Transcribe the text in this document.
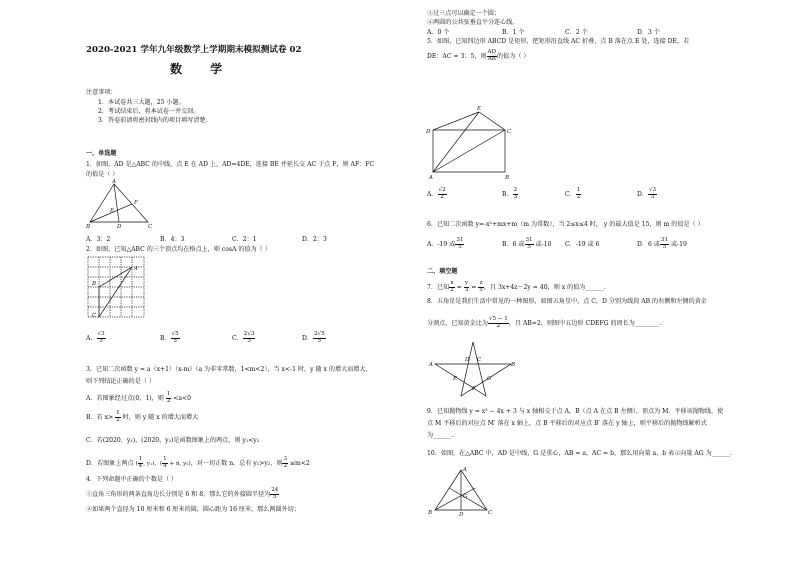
2020-2021 学年九年级数学上学期期末模拟测试卷 02
数 学
注意事项：
1．本试卷共三大题，25 小题。
2．考试结束后，将本试卷一并交回。
3．答卷前请将密封线内的项目填写清楚。
一、单选题
1．如图，AD 是△ABC 的中线，点 E 在 AD 上，AD=4DE，连接 BE 并延长交 AC 于点 F，则 AF：FC
的值是（ ）
A
B	C
D
E
F
A．3：2	B．4：3	C．2：1	D．2：3
2．如图，已知△ABC 的三个顶点均在格点上，则 cosA 的值为（ ）
A
B
C
A． $\frac{√3}{3}$	B． $\frac{√5}{5}$	C． $\frac{2√3}{3}$	D． $\frac{2√5}{5}$
3．已知二次函数 y = a（x+1）（x-m）（a 为非零常数，1<m<2），当 x<-1 时，y 随 x 的增大而增大，
则下列结论正确的是（ ）
A．若图象经过点(0，1)，则 $\frac{1}{2} <a<0$
B．若 $x> \frac{1}{2}$ 时，则 y 随 x 的增大而增大
C．若(2020，y₁)，(2020，y₂)是函数图象上的两点，则 y₁<y₂
D．若图象上两点 ( $\frac{1}{4}$ , y₁)，( $\frac{1}{4} + n$, y₂)，对一切正数 n，总有 y₁>y₂，则 $\frac{3}{2} \le m<2$
4．下列命题中正确的个数是（ ）
①直角三角形的两条直角边长分别是 6 和 8，那么它的外接圆半径为 $\frac{24}{5}$
②如果两个直径为 10 厘米和 6 厘米的圆，圆心距为 16 厘米，那么两圆外切；
③过三点可以确定一个圆；
④两圆的公共弦垂直平分连心线。
A．0 个	B．1 个	C．2 个	D．3 个
5．如图，已知四边形 ABCD 是矩形，把矩形沿直线 AC 折叠，点 B 落在点 E 处，连接 DE，若
DE：AC = 3：5，则 $\frac{AD}{AB}$ 的值为（ ）
E
D	C
A	B
A． $\frac{√2}{2}$	B． $\frac{2}{3}$	C． $\frac{1}{2}$	D． $\frac{√3}{3}$
6．已知二次函数 y=-x²+mx+m（m 为常数），当 2≤x≤4 时， y 的最大值是 15，则 m 的值是（ ）
A．-19 或 $\frac{31}{5}$	B．6 或 $\frac{31}{5}$ 或-10 C．-19 或 6	D．6 或 $\frac{31}{5}$ 或-19
二、填空题
7．已知 $\frac{x}{2} = \frac{y}{3} = \frac{z}{5}$ ，且 3x+4z－2y = 40，则 x 的值为______.
8．五角星是我们生活中常见的一种图形，如图五角星中，点 C，D 分别为线段 AB 的右侧和左侧的黄金
分割点，已知黄金比为 $\frac{√5 - 1}{2}$ ，且 AB=2，则图中五边形 CDEFG 的周长为________.
A	B
C
D
E
F
G
9．已知抛物线 y = x² − 4x + 3 与 x 轴相交于点 A，B（点 A 在点 B 左侧），顶点为 M．平移该抛物线，使
点 M 平移后的对应点 M′ 落在 x 轴上，点 B 平移后的对应点 B′ 落在 y 轴上，则平移后的抛物线解析式
为______.
10．如图，在△ABC 中，AD 是中线，G 是重心，AB = a，AC = b，那么用向量 a、b 表示向量 AG 为______.
A
B	D	C
G
